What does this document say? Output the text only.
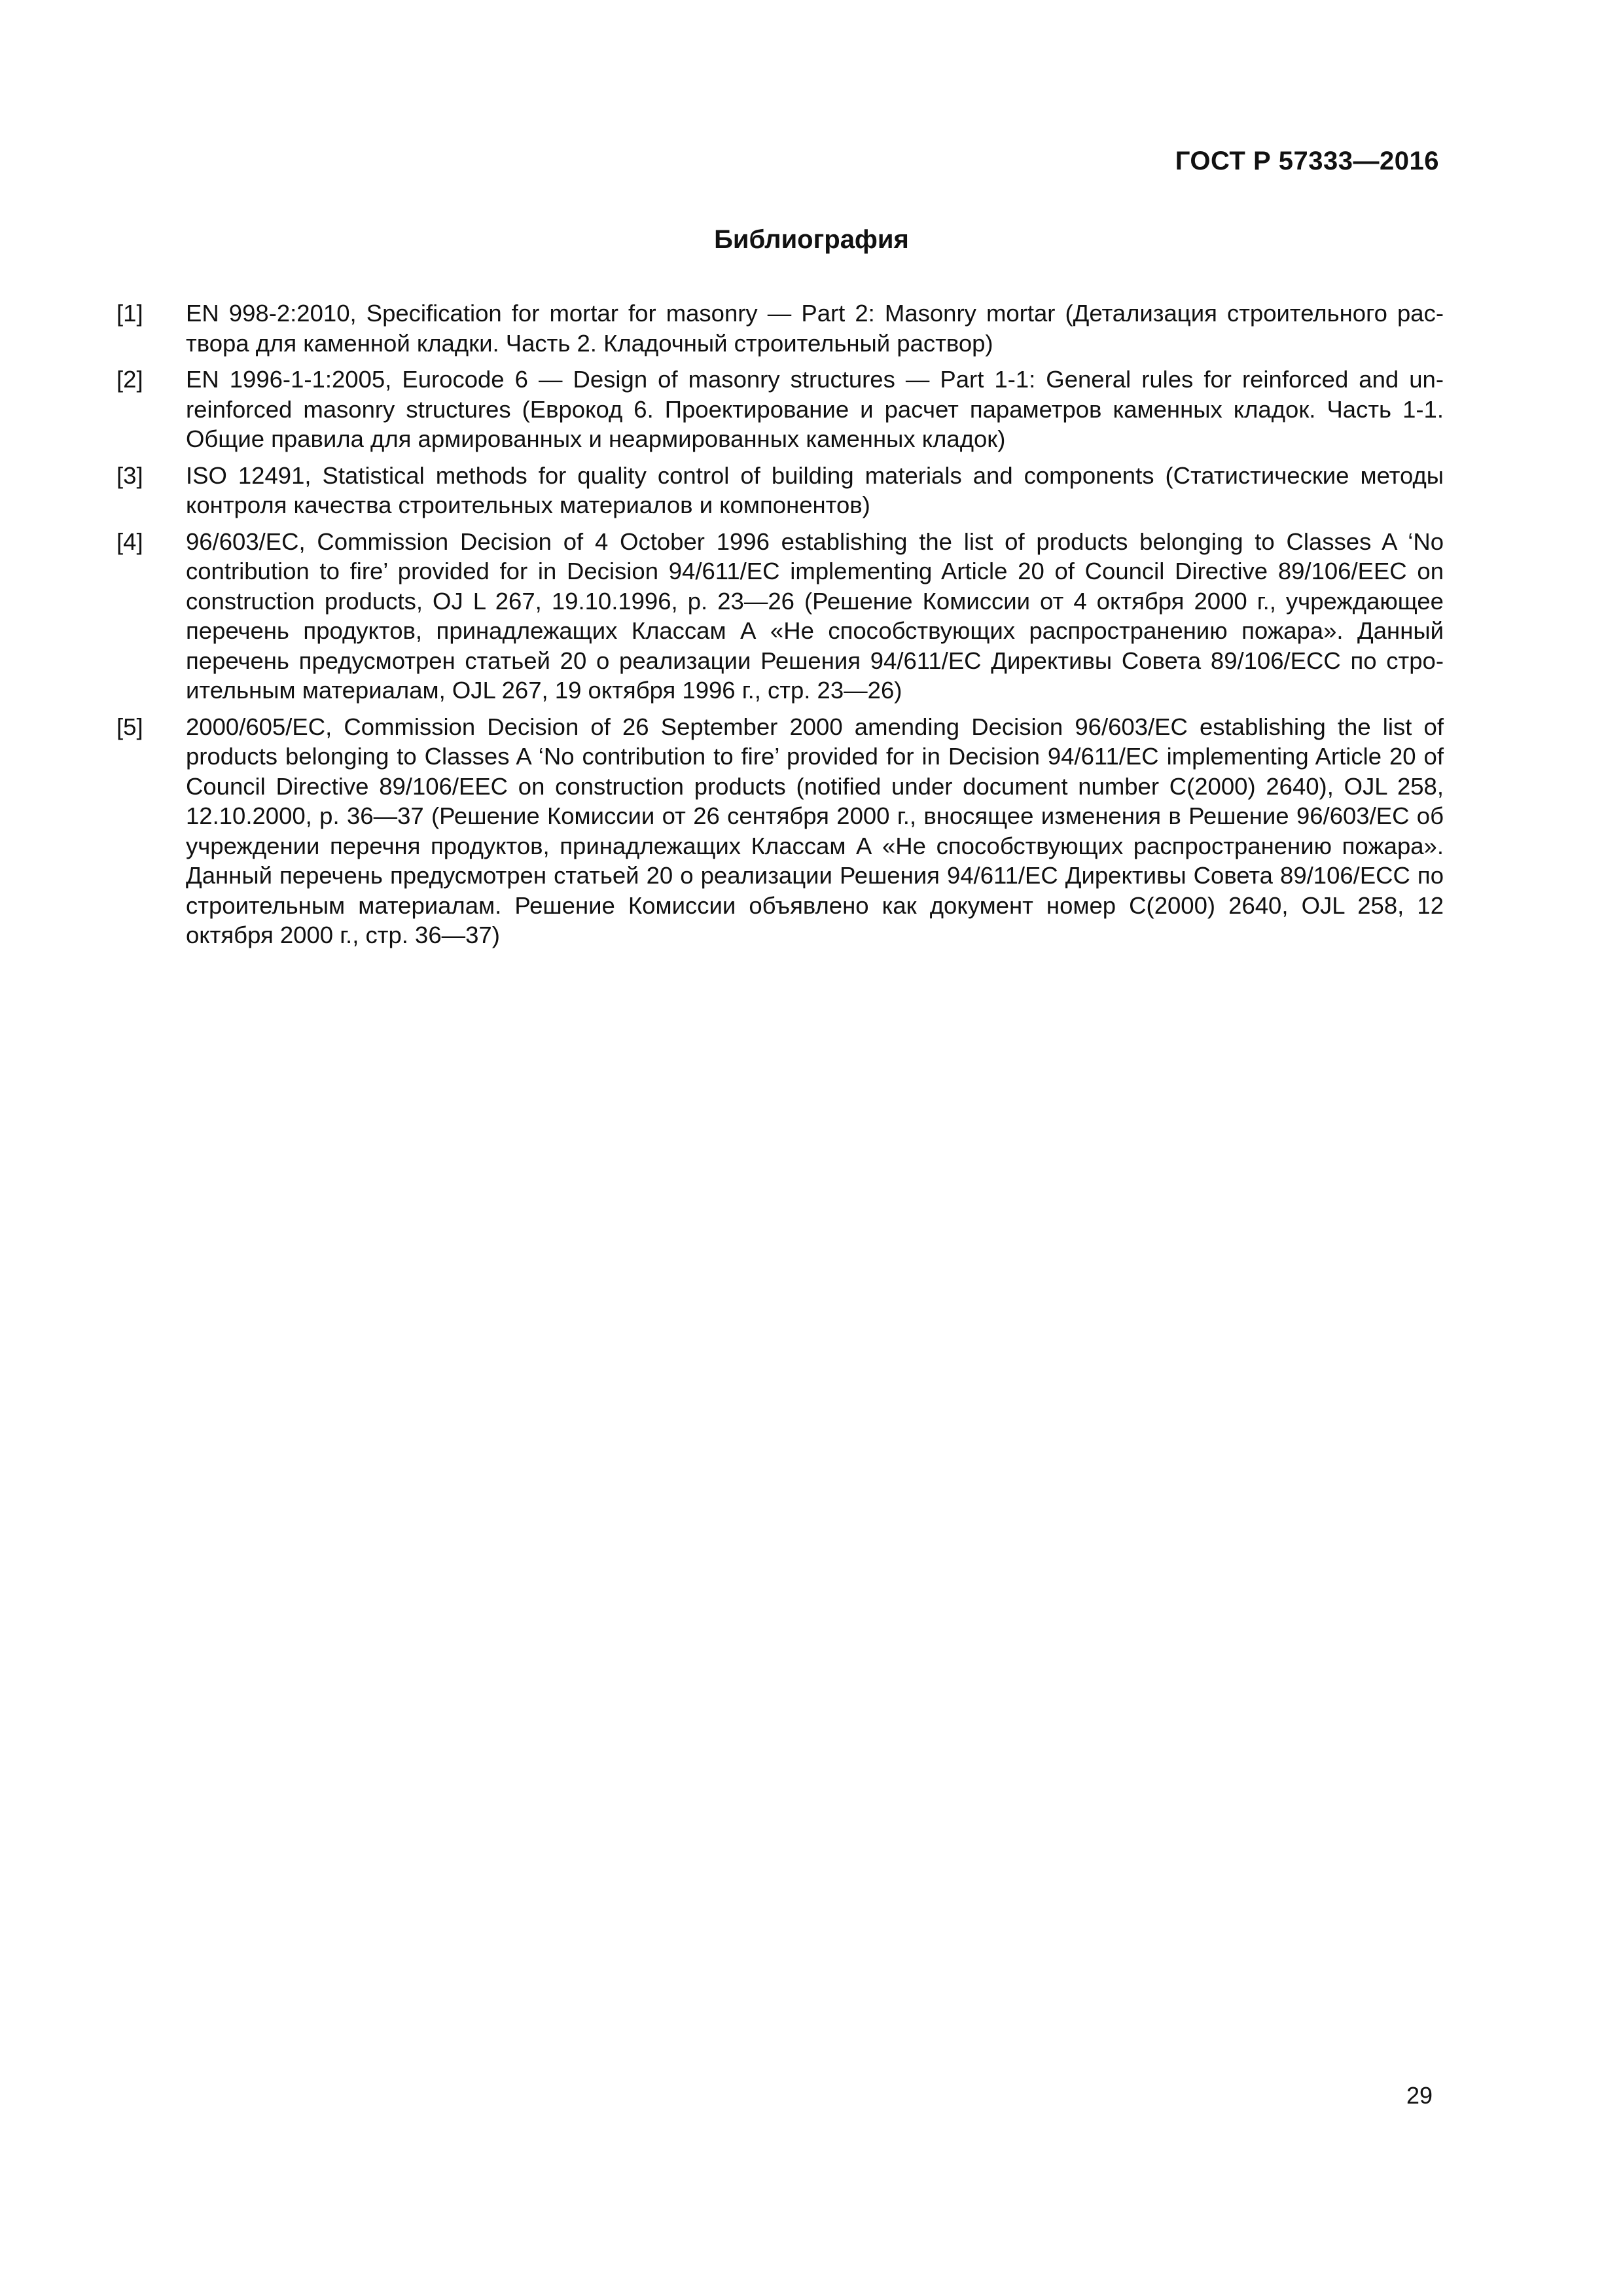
ГОСТ Р 57333—2016
Библиография
[1]	EN 998-2:2010, Specification for mortar for masonry — Part 2: Masonry mortar (Детализация строительного раствора для каменной кладки. Часть 2. Кладочный строительный раствор)
[2]	EN 1996-1-1:2005, Eurocode 6 — Design of masonry structures — Part 1-1: General rules for reinforced and unreinforced masonry structures (Еврокод 6. Проектирование и расчет параметров каменных кладок. Часть 1-1. Общие правила для армированных и неармированных каменных кладок)
[3]	ISO 12491, Statistical methods for quality control of building materials and components (Статистические методы контроля качества строительных материалов и компонентов)
[4]	96/603/EC, Commission Decision of 4 October 1996 establishing the list of products belonging to Classes A ‘No contribution to fire’ provided for in Decision 94/611/EC implementing Article 20 of Council Directive 89/106/EEC on construction products, OJ L 267, 19.10.1996, p. 23—26 (Решение Комиссии от 4 октября 2000 г., учреждающее перечень продуктов, принадлежащих Классам А «Не способствующих распространению пожара». Данный перечень предусмотрен статьей 20 о реализации Решения 94/611/EC Директивы Совета 89/106/ЕСС по строительным материалам, OJL 267, 19 октября 1996 г., стр. 23—26)
[5]	2000/605/EC, Commission Decision of 26 September 2000 amending Decision 96/603/EC establishing the list of products belonging to Classes A ‘No contribution to fire’ provided for in Decision 94/611/EC implementing Article 20 of Council Directive 89/106/EEC on construction products (notified under document number C(2000) 2640), OJL 258, 12.10.2000, p. 36—37 (Решение Комиссии от 26 сентября 2000 г., вносящее изменения в Решение 96/603/EC об учреждении перечня продуктов, принадлежащих Классам А «Не способствующих распространению пожара». Данный перечень предусмотрен статьей 20 о реализации Решения 94/611/EC Директивы Совета 89/106/ЕСС по строительным материалам. Решение Комиссии объявлено как документ номер C(2000) 2640, OJL 258, 12 октября 2000 г., стр. 36—37)
29
